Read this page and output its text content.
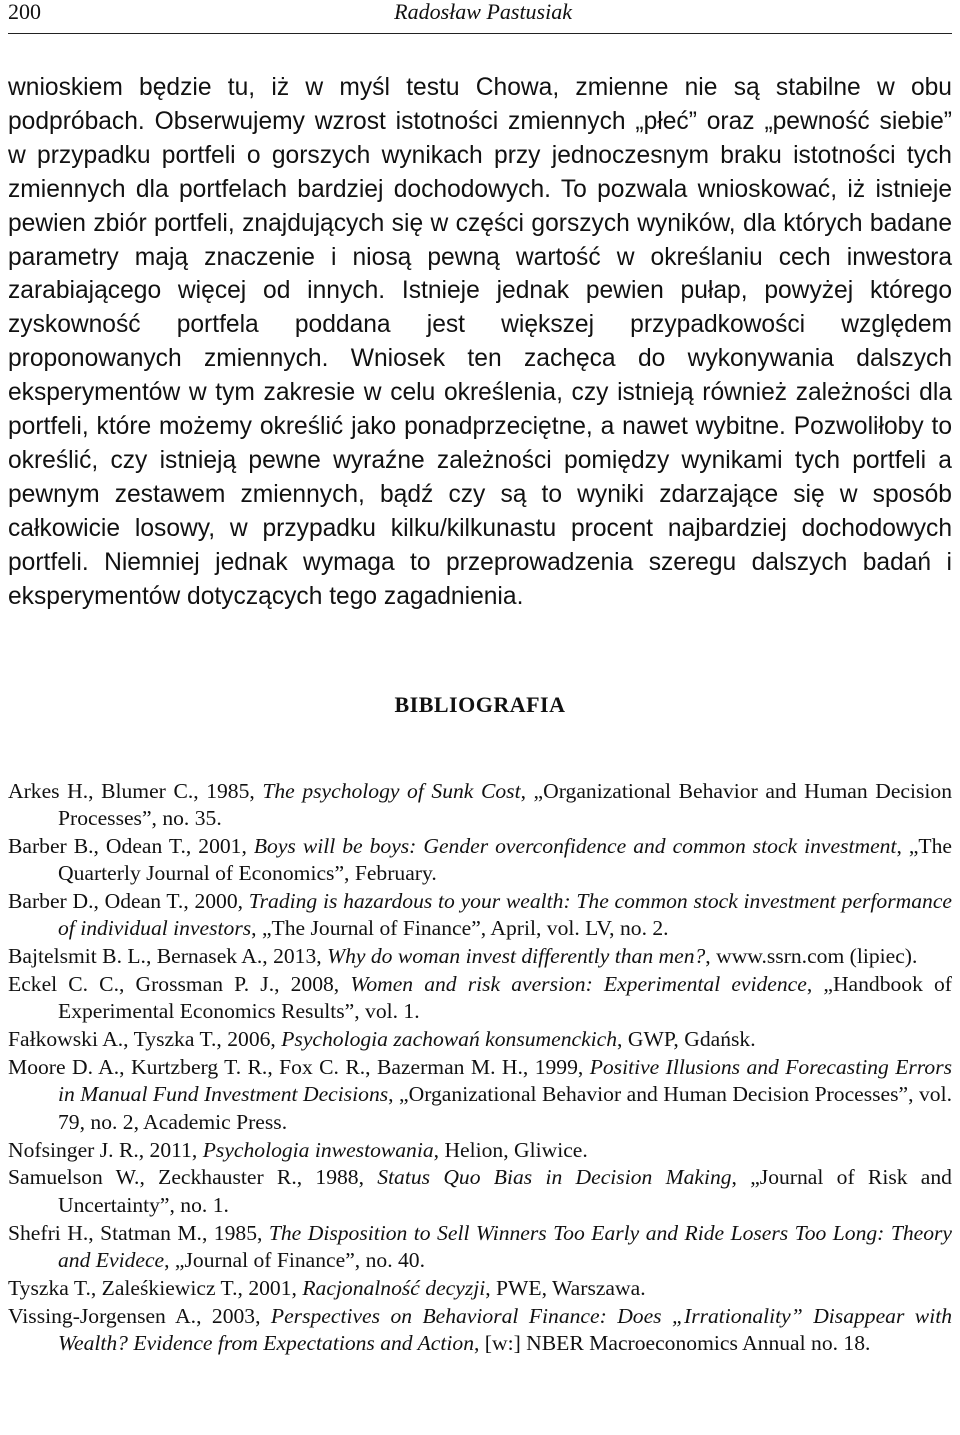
200	Radosław Pastusiak

wnioskiem będzie tu, iż w myśl testu Chowa, zmienne nie są stabilne w obu podpróbach. Obserwujemy wzrost istotności zmiennych „płeć” oraz „pewność siebie” w przypadku portfeli o gorszych wynikach przy jednoczesnym braku istotności tych zmiennych dla portfelach bardziej dochodowych. To pozwala wnioskować, iż istnieje pewien zbiór portfeli, znajdujących się w części gorszych wyników, dla których badane parametry mają znaczenie i niosą pewną wartość w określaniu cech inwestora zarabiającego więcej od innych. Istnieje jednak pewien pułap, powyżej którego zyskowność portfela poddana jest większej przypadkowości względem proponowanych zmiennych. Wniosek ten zachęca do wykonywania dalszych eksperymentów w tym zakresie w celu określenia, czy istnieją również zależności dla portfeli, które możemy określić jako ponadprzeciętne, a nawet wybitne. Pozwoliłoby to określić, czy istnieją pewne wyraźne zależności pomiędzy wynikami tych portfeli a pewnym zestawem zmiennych, bądź czy są to wyniki zdarzające się w sposób całkowicie losowy, w przypadku kilku/kilkunastu procent najbardziej dochodowych portfeli. Niemniej jednak wymaga to przeprowadzenia szeregu dalszych badań i eksperymentów dotyczących tego zagadnienia.

BIBLIOGRAFIA
Arkes H., Blumer C., 1985, The psychology of Sunk Cost, „Organizational Behavior and Human Decision Processes”, no. 35.
Barber B., Odean T., 2001, Boys will be boys: Gender overconfidence and common stock investment, „The Quarterly Journal of Economics”, February.
Barber D., Odean T., 2000, Trading is hazardous to your wealth: The common stock investment performance of individual investors, „The Journal of Finance”, April, vol. LV, no. 2.
Bajtelsmit B. L., Bernasek A., 2013, Why do woman invest differently than men?, www.ssrn.com (lipiec).
Eckel C. C., Grossman P. J., 2008, Women and risk aversion: Experimental evidence, „Handbook of Experimental Economics Results”, vol. 1.
Fałkowski A., Tyszka T., 2006, Psychologia zachowań konsumenckich, GWP, Gdańsk.
Moore D. A., Kurtzberg T. R., Fox C. R., Bazerman M. H., 1999, Positive Illusions and Forecasting Errors in Manual Fund Investment Decisions, „Organizational Behavior and Human Decision Processes”, vol. 79, no. 2, Academic Press.
Nofsinger J. R., 2011, Psychologia inwestowania, Helion, Gliwice.
Samuelson W., Zeckhauster R., 1988, Status Quo Bias in Decision Making, „Journal of Risk and Uncertainty”, no. 1.
Shefri H., Statman M., 1985, The Disposition to Sell Winners Too Early and Ride Losers Too Long: Theory and Evidece, „Journal of Finance”, no. 40.
Tyszka T., Zaleśkiewicz T., 2001, Racjonalność decyzji, PWE, Warszawa.
Vissing-Jorgensen A., 2003, Perspectives on Behavioral Finance: Does „Irrationality” Disappear with Wealth? Evidence from Expectations and Action, [w:] NBER Macroeconomics Annual no. 18.
